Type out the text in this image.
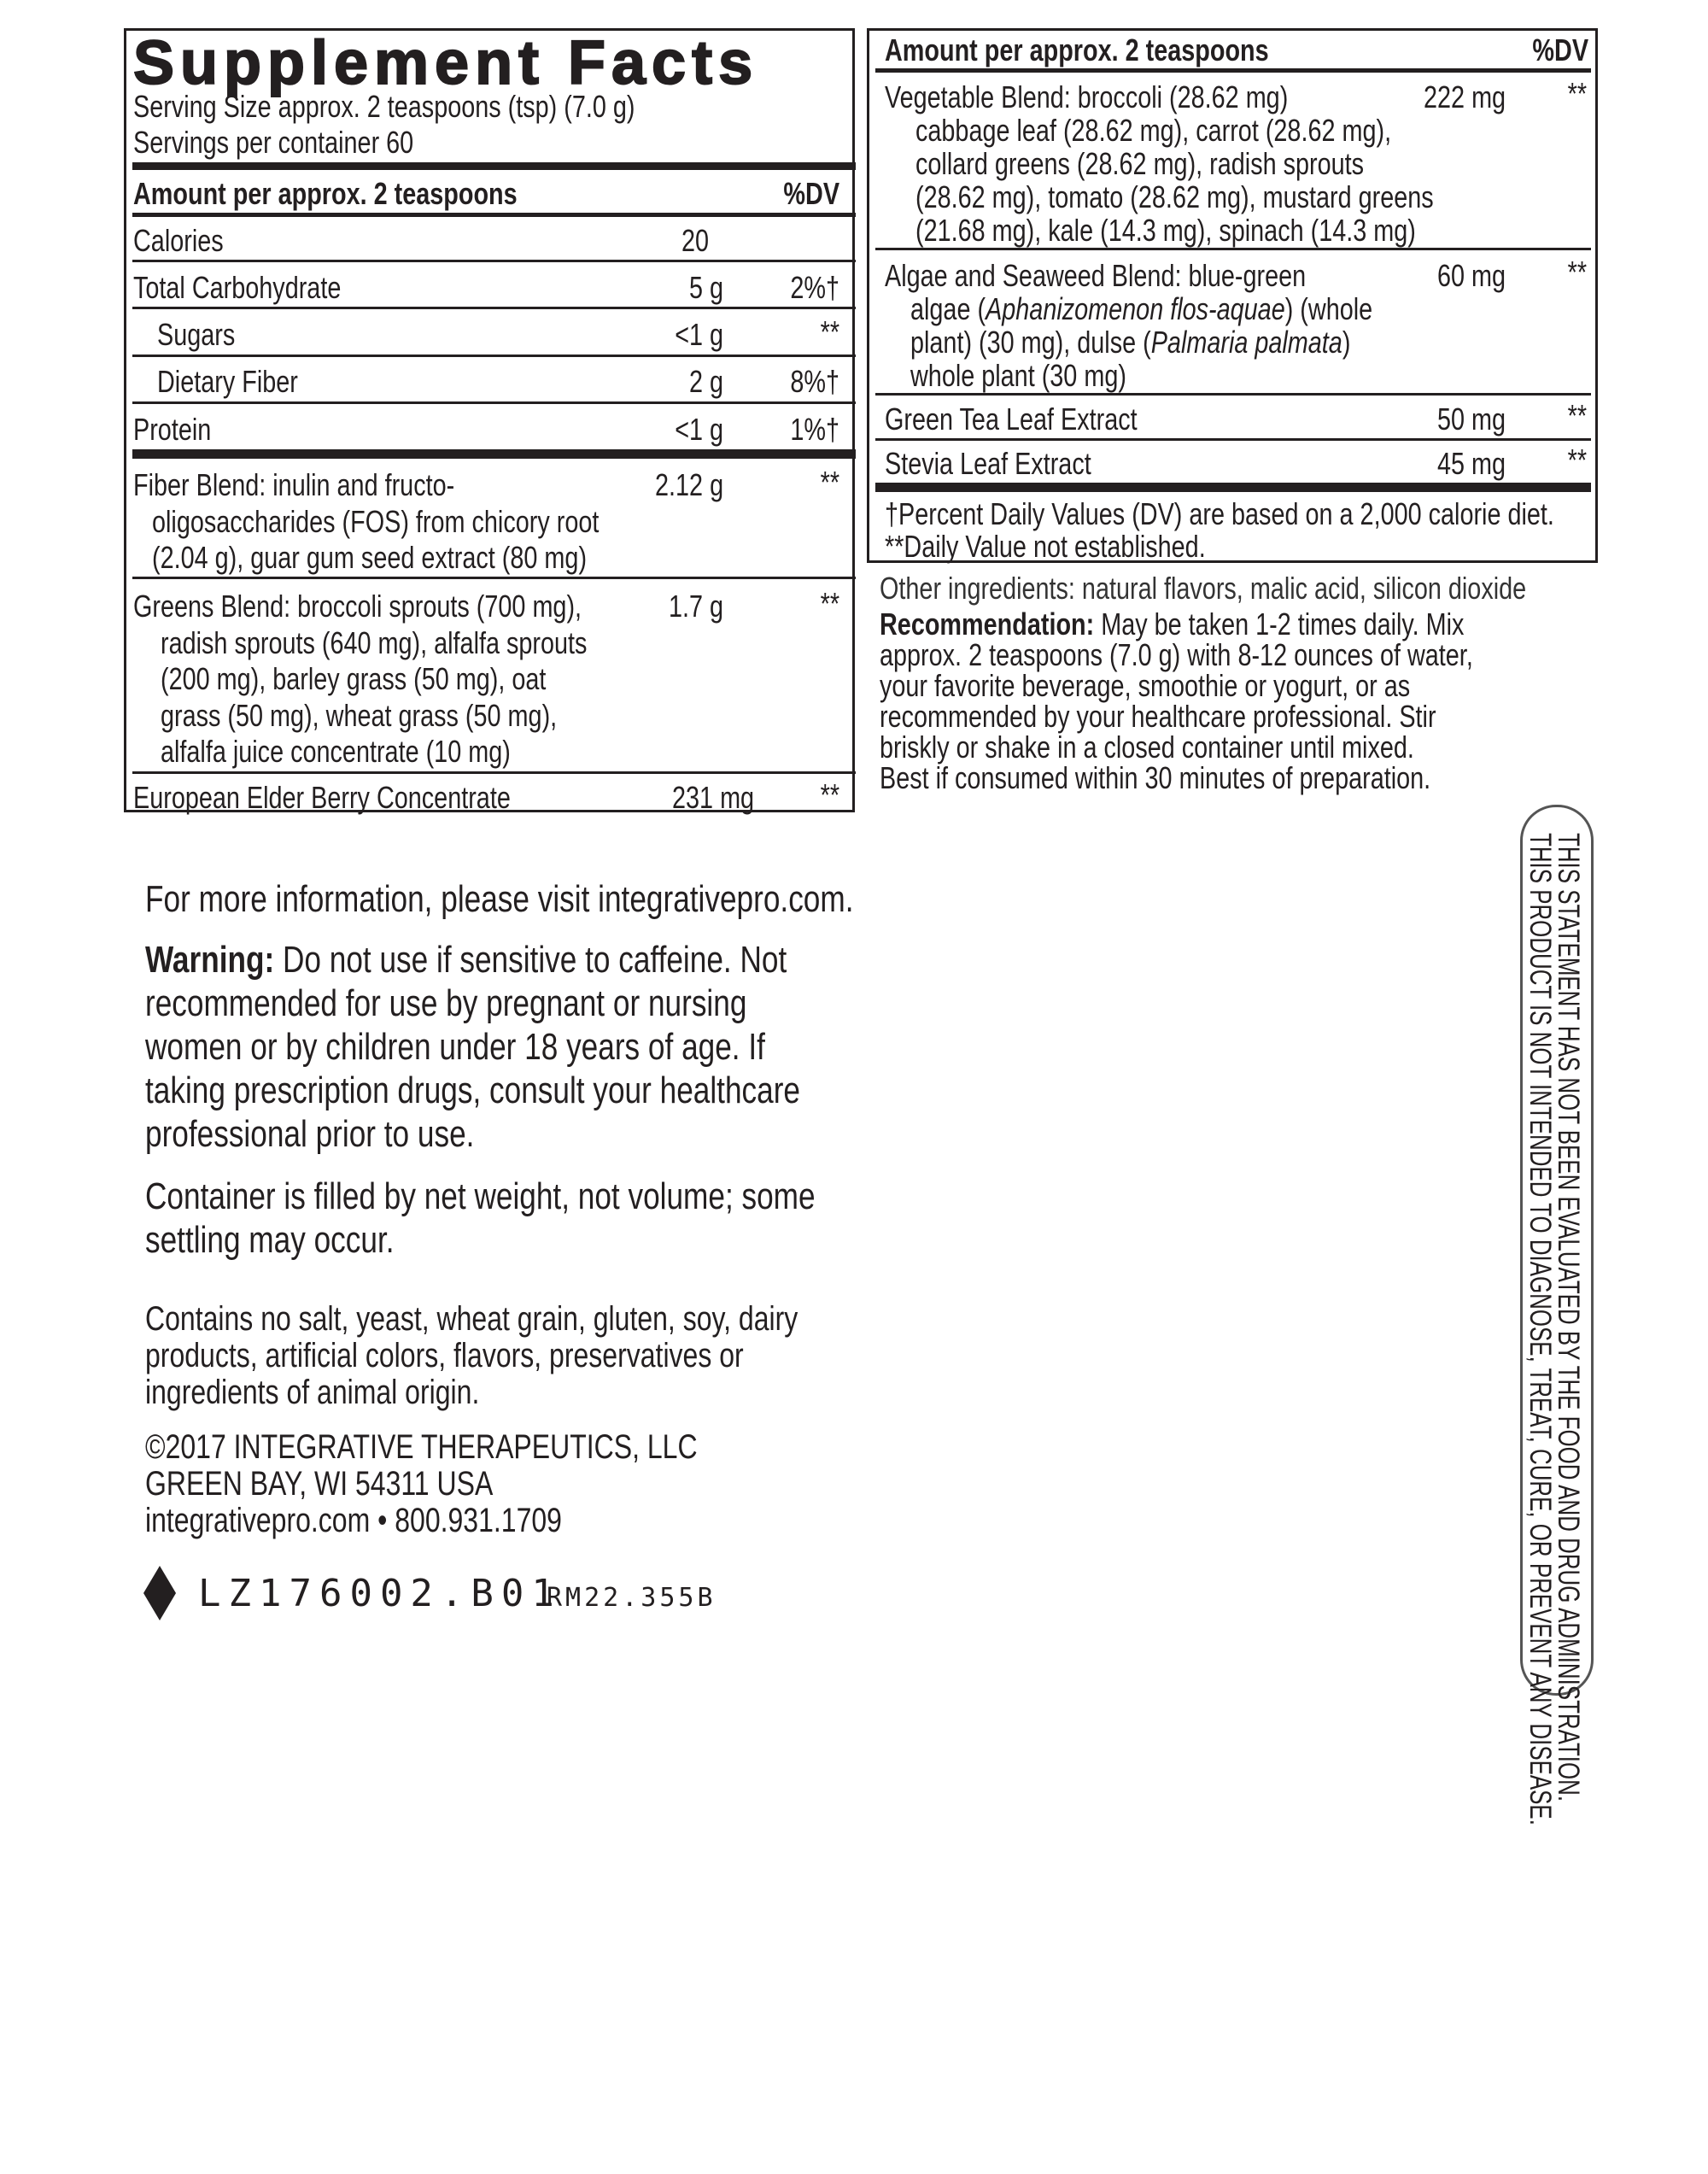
Supplement Facts
Serving Size approx. 2 teaspoons (tsp) (7.0 g)
Servings per container 60
Amount per approx. 2 teaspoons	%DV
Calories	20
Total Carbohydrate	5 g 2%†
Sugars	<1 g	**
Dietary Fiber	2 g 8%†
Protein	<1 g 1%†
Fiber Blend: inulin and fructo-
oligosaccharides (FOS) from chicory root
(2.04 g), guar gum seed extract (80 mg)
2.12 g	**
Greens Blend: broccoli sprouts (700 mg),
radish sprouts (640 mg), alfalfa sprouts
(200 mg), barley grass (50 mg), oat
grass (50 mg), wheat grass (50 mg),
alfalfa juice concentrate (10 mg)
1.7 g	**
European Elder Berry Concentrate	231 mg **
Amount per approx. 2 teaspoons	%DV
Vegetable Blend: broccoli (28.62 mg)
cabbage leaf (28.62 mg), carrot (28.62 mg),
collard greens (28.62 mg), radish sprouts
(28.62 mg), tomato (28.62 mg), mustard greens
(21.68 mg), kale (14.3 mg), spinach (14.3 mg)
222 mg **
Algae and Seaweed Blend: blue-green
algae (Aphanizomenon flos-aquae) (whole
plant) (30 mg), dulse (Palmaria palmata)
whole plant (30 mg)
60 mg **
Green Tea Leaf Extract	50 mg **
Stevia Leaf Extract	45 mg **
†Percent Daily Values (DV) are based on a 2,000 calorie diet.
**Daily Value not established.
Other ingredients: natural flavors, malic acid, silicon dioxide
Recommendation: May be taken 1-2 times daily. Mix
approx. 2 teaspoons (7.0 g) with 8-12 ounces of water,
your favorite beverage, smoothie or yogurt, or as
recommended by your healthcare professional. Stir
briskly or shake in a closed container until mixed.
Best if consumed within 30 minutes of preparation.
For more information, please visit integrativepro.com.
Warning: Do not use if sensitive to caffeine. Not
recommended for use by pregnant or nursing
women or by children under 18 years of age. If
taking prescription drugs, consult your healthcare
professional prior to use.
Container is filled by net weight, not volume; some
settling may occur.
Contains no salt, yeast, wheat grain, gluten, soy, dairy
products, artificial colors, flavors, preservatives or
ingredients of animal origin.
©2017 INTEGRATIVE THERAPEUTICS, LLC
GREEN BAY, WI 54311 USA
integrativepro.com • 800.931.1709
LZ176002.B01
RM22.355B	THIS STATEMENT HAS NOT BEEN EVALUATED BY THE FOOD AND DRUG ADMINISTRATION.
THIS PRODUCT IS NOT INTENDED TO DIAGNOSE, TREAT, CURE, OR PREVENT ANY DISEASE.
